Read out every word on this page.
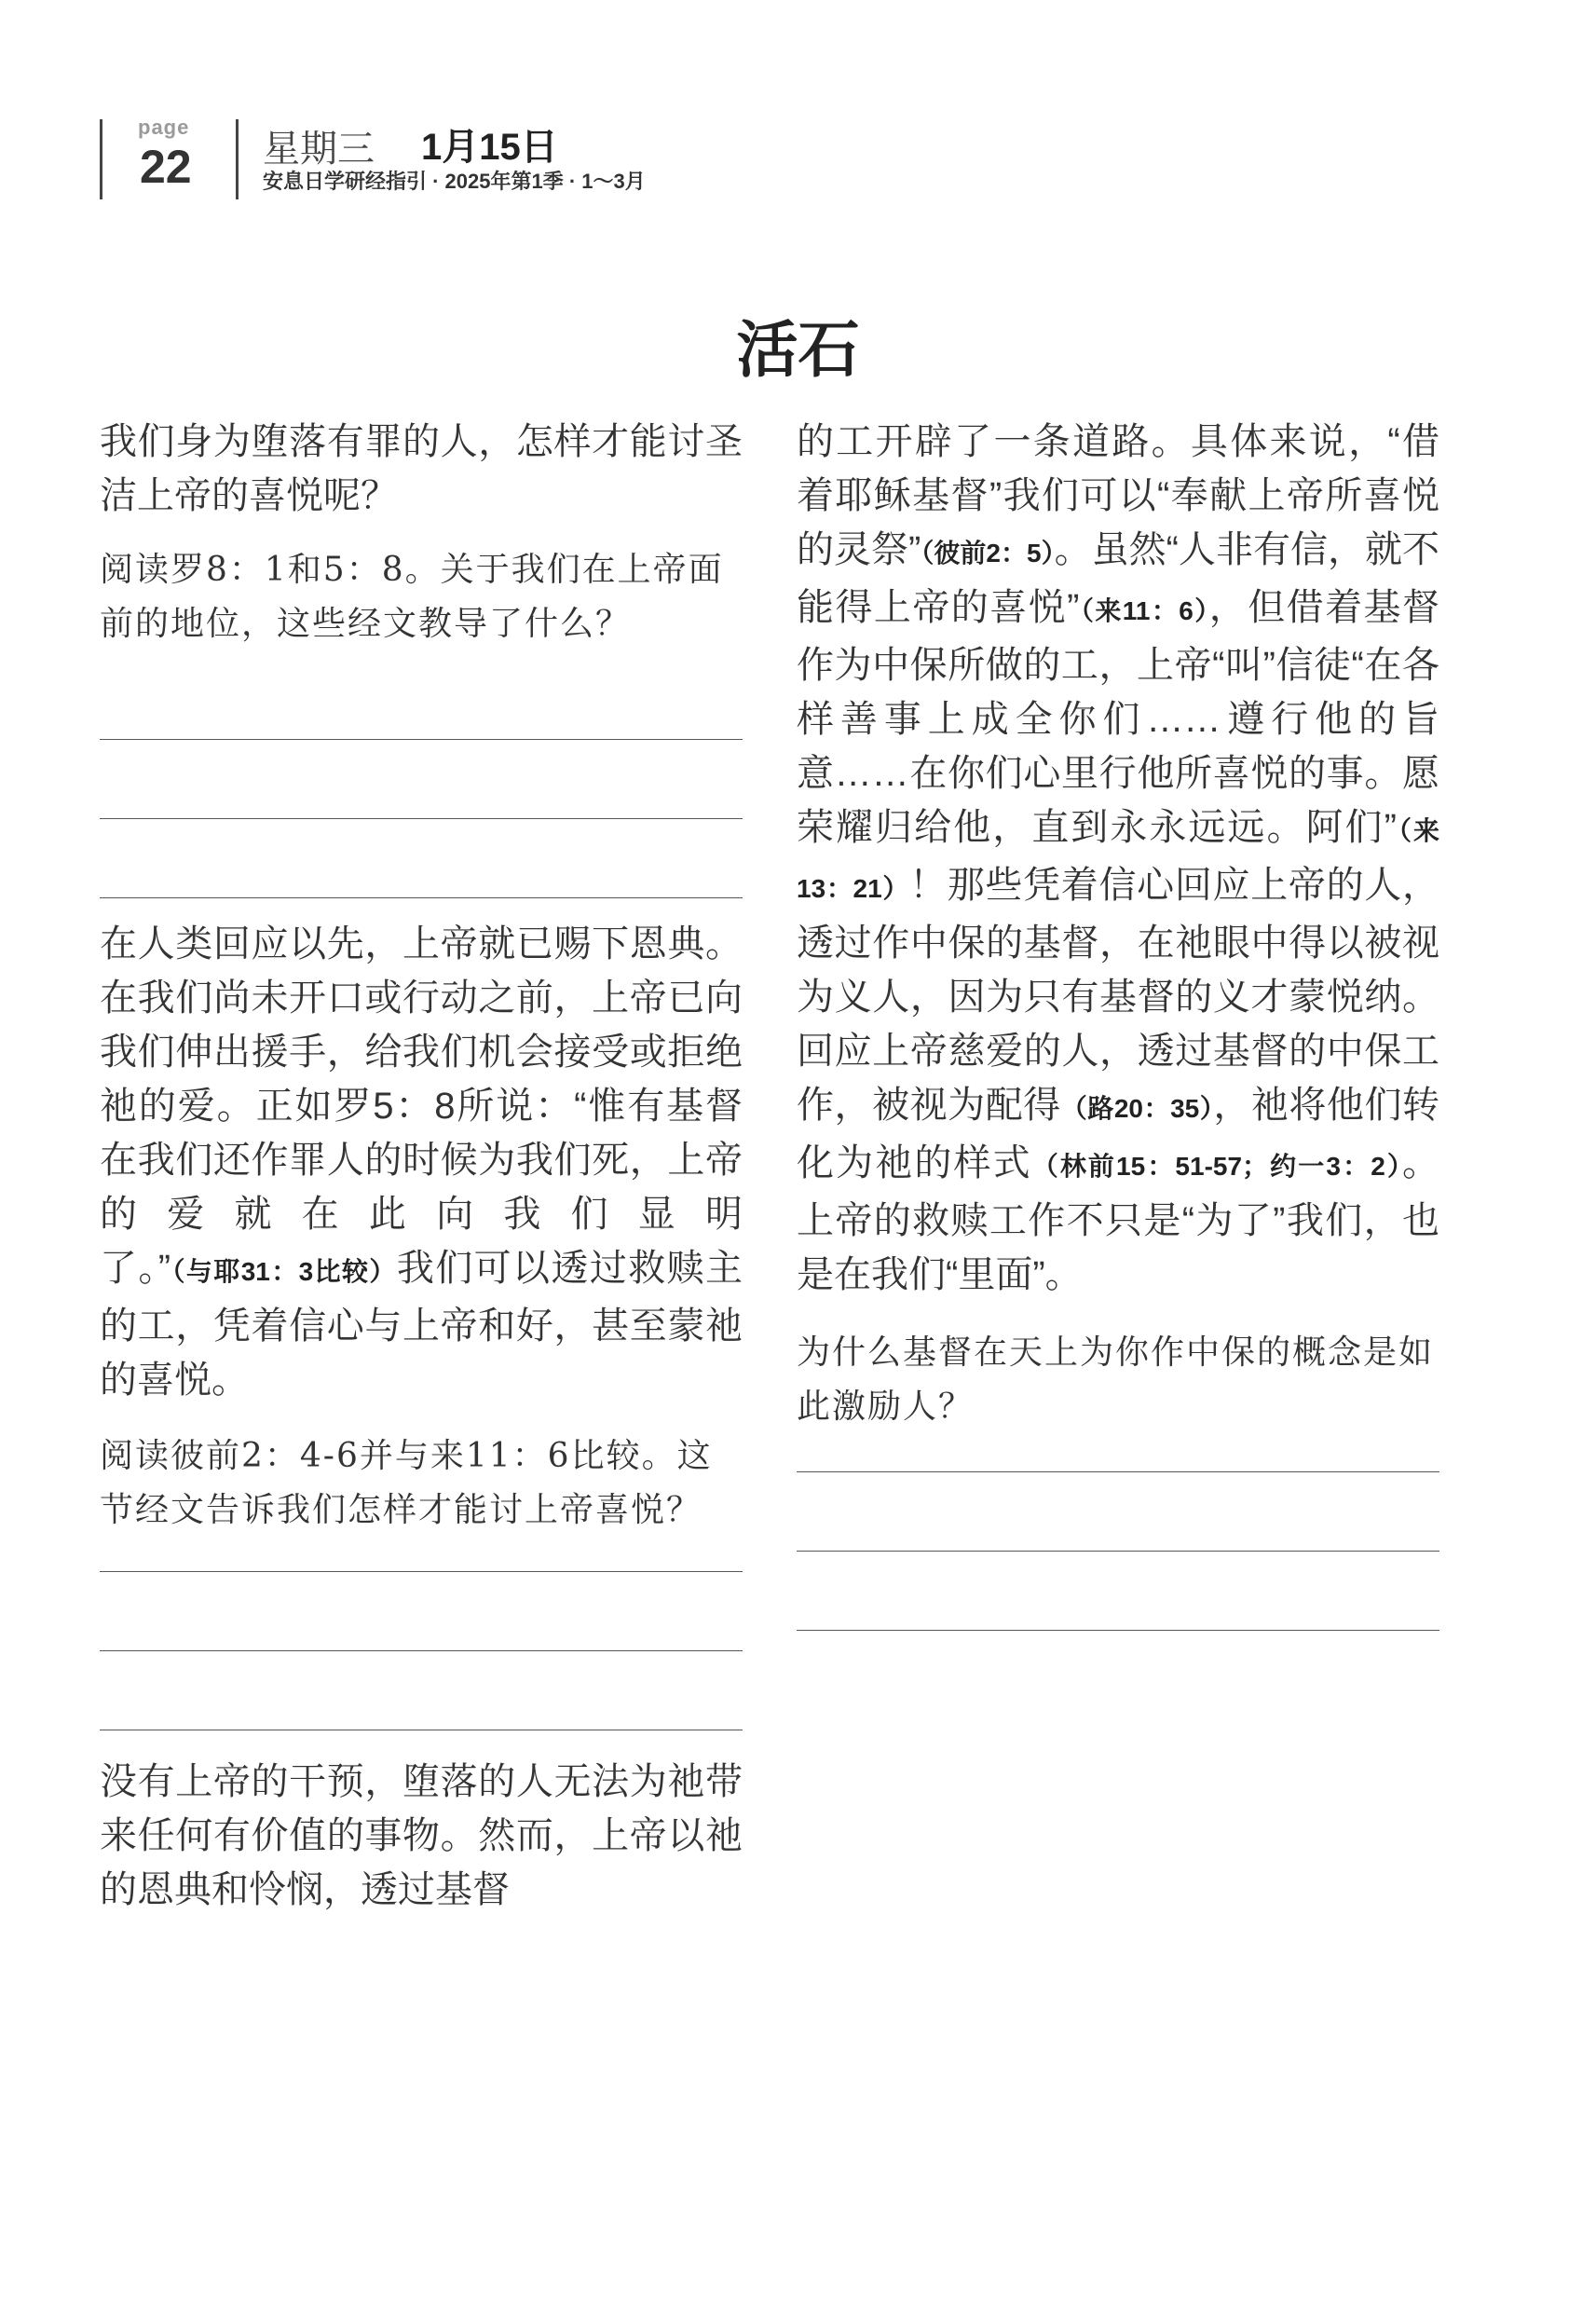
page
22 星期三 1月15日
安息日学研经指引 · 2025年第1季 · 1～3月
活石

我们身为堕落有罪的人，怎样才能讨圣洁上帝的喜悦呢？

阅读罗8：1和5：8。关于我们在上帝面前的地位，这些经文教导了什么？

在人类回应以先，上帝就已赐下恩典。在我们尚未开口或行动之前，上帝已向我们伸出援手，给我们机会接受或拒绝祂的爱。正如罗5：8所说：“惟有基督在我们还作罪人的时候为我们死，上帝的爱就在此向我们显明了。”（与耶31：3比较）我们可以透过救赎主的工，凭着信心与上帝和好，甚至蒙祂的喜悦。

阅读彼前2：4-6并与来11：6比较。这节经文告诉我们怎样才能讨上帝喜悦？

没有上帝的干预，堕落的人无法为祂带来任何有价值的事物。然而，上帝以祂的恩典和怜悯，透过基督

的工开辟了一条道路。具体来说，“借着耶稣基督”我们可以“奉献上帝所喜悦的灵祭”（彼前2：5）。虽然“人非有信，就不能得上帝的喜悦”（来11：6），但借着基督作为中保所做的工，上帝“叫”信徒“在各样善事上成全你们……遵行他的旨意……在你们心里行他所喜悦的事。愿荣耀归给他，直到永永远远。阿们”（来13：21）！那些凭着信心回应上帝的人，透过作中保的基督，在祂眼中得以被视为义人，因为只有基督的义才蒙悦纳。回应上帝慈爱的人，透过基督的中保工作，被视为配得（路20：35），祂将他们转化为祂的样式（林前15：51-57；约一3：2）。上帝的救赎工作不只是“为了”我们，也是在我们“里面”。

为什么基督在天上为你作中保的概念是如此激励人？
